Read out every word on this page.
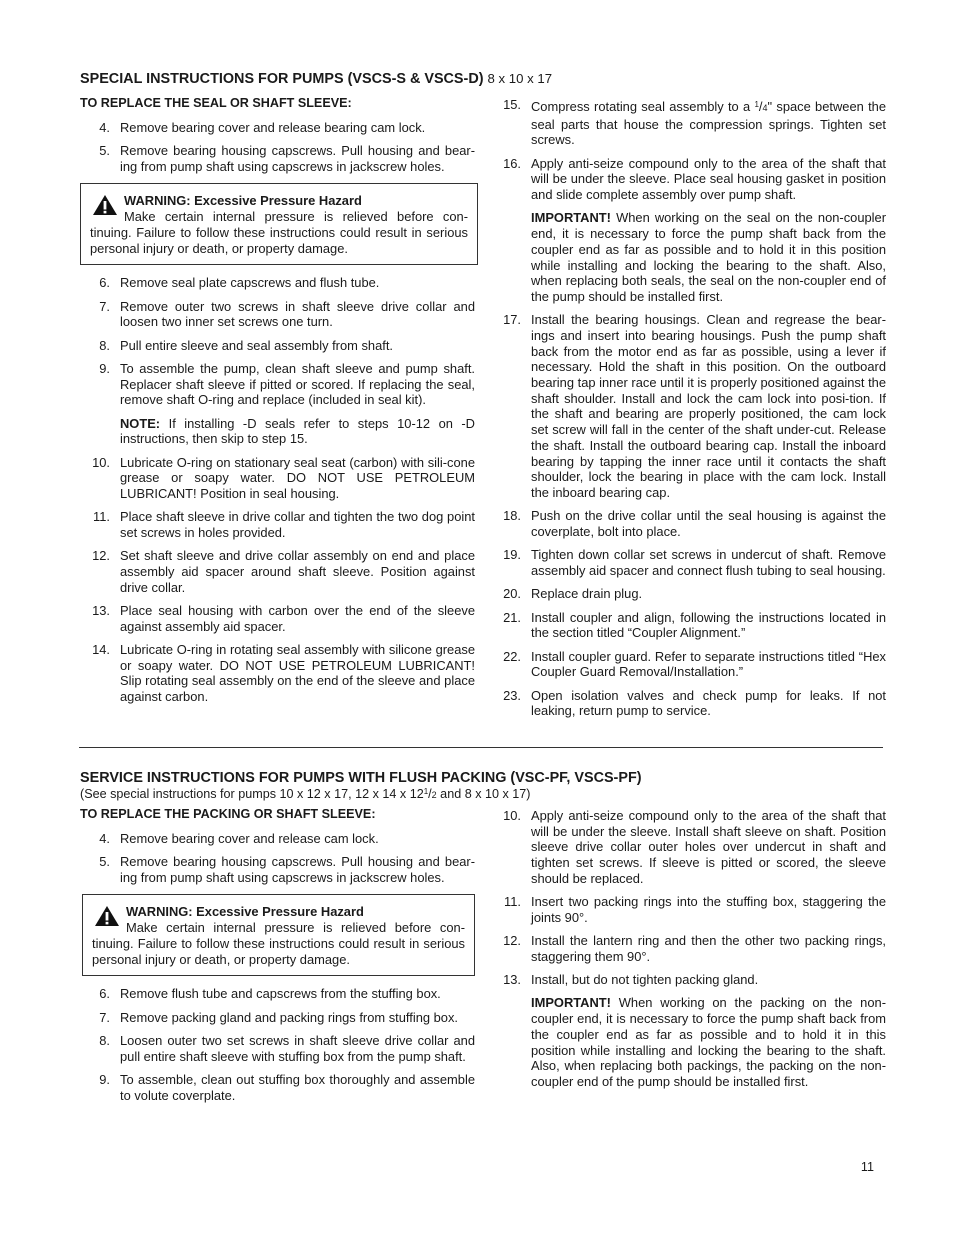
SPECIAL INSTRUCTIONS FOR PUMPS (VSCS-S & VSCS-D) 8 x 10 x 17

TO REPLACE THE SEAL OR SHAFT SLEEVE:

4. Remove bearing cover and release bearing cam lock.
5. Remove bearing housing capscrews. Pull housing and bear-ing from pump shaft using capscrews in jackscrew holes.
WARNING: Excessive Pressure Hazard
Make certain internal pressure is relieved before con-tinuing. Failure to follow these instructions could result in serious personal injury or death, or property damage.
6. Remove seal plate capscrews and flush tube.
7. Remove outer two screws in shaft sleeve drive collar and loosen two inner set screws one turn.
8. Pull entire sleeve and seal assembly from shaft.
9. To assemble the pump, clean shaft sleeve and pump shaft. Replacer shaft sleeve if pitted or scored. If replacing the seal, remove shaft O-ring and replace (included in seal kit).

NOTE: If installing -D seals refer to steps 10-12 on -D instructions, then skip to step 15.

10. Lubricate O-ring on stationary seal seat (carbon) with sili-cone grease or soapy water. DO NOT USE PETROLEUM LUBRICANT! Position in seal housing.
11. Place shaft sleeve in drive collar and tighten the two dog point set screws in holes provided.
12. Set shaft sleeve and drive collar assembly on end and place assembly aid spacer around shaft sleeve. Position against drive collar.
13. Place seal housing with carbon over the end of the sleeve against assembly aid spacer.
14. Lubricate O-ring in rotating seal assembly with silicone grease or soapy water. DO NOT USE PETROLEUM LUBRICANT! Slip rotating seal assembly on the end of the sleeve and place against carbon.
15. Compress rotating seal assembly to a $^1$/4" space between the seal parts that house the compression springs. Tighten set screws.
16. Apply anti-seize compound only to the area of the shaft that will be under the sleeve. Place seal housing gasket in position and slide complete assembly over pump shaft.

IMPORTANT! When working on the seal on the non-coupler end, it is necessary to force the pump shaft back from the coupler end as far as possible and to hold it in this position while installing and locking the bearing to the shaft. Also, when replacing both seals, the seal on the non-coupler end of the pump should be installed first.

17. Install the bearing housings. Clean and regrease the bear-ings and insert into bearing housings. Push the pump shaft back from the motor end as far as possible, using a lever if necessary. Hold the shaft in this position. On the outboard bearing tap inner race until it is properly positioned against the shaft shoulder. Install and lock the cam lock into posi-tion. If the shaft and bearing are properly positioned, the cam lock set screw will fall in the center of the shaft under-cut. Release the shaft. Install the outboard bearing cap. Install the inboard bearing by tapping the inner race until it contacts the shaft shoulder, lock the bearing in place with the cam lock. Install the inboard bearing cap.
18. Push on the drive collar until the seal housing is against the coverplate, bolt into place.
19. Tighten down collar set screws in undercut of shaft. Remove assembly aid spacer and connect flush tubing to seal housing.
20. Replace drain plug.
21. Install coupler and align, following the instructions located in the section titled “Coupler Alignment.”
22. Install coupler guard. Refer to separate instructions titled “Hex Coupler Guard Removal/Installation.”
23. Open isolation valves and check pump for leaks. If not leaking, return pump to service.
SERVICE INSTRUCTIONS FOR PUMPS WITH FLUSH PACKING (VSC-PF, VSCS-PF)
(See special instructions for pumps 10 x 12 x 17, 12 x 14 x $12^1/2$ and 8 x 10 x 17)

TO REPLACE THE PACKING OR SHAFT SLEEVE:

4. Remove bearing cover and release cam lock.
5. Remove bearing housing capscrews. Pull housing and bear-ing from pump shaft using capscrews in jackscrew holes.
WARNING: Excessive Pressure Hazard
Make certain internal pressure is relieved before con-tinuing. Failure to follow these instructions could result in serious personal injury or death, or property damage.
6. Remove flush tube and capscrews from the stuffing box.
7. Remove packing gland and packing rings from stuffing box.
8. Loosen outer two set screws in shaft sleeve drive collar and pull entire shaft sleeve with stuffing box from the pump shaft.
9. To assemble, clean out stuffing box thoroughly and assemble to volute coverplate.
10. Apply anti-seize compound only to the area of the shaft that will be under the sleeve. Install shaft sleeve on shaft. Position sleeve drive collar outer holes over undercut in shaft and tighten set screws. If sleeve is pitted or scored, the sleeve should be replaced.
11. Insert two packing rings into the stuffing box, staggering the joints 90°.
12. Install the lantern ring and then the other two packing rings, staggering them 90°.
13. Install, but do not tighten packing gland.

IMPORTANT! When working on the packing on the non-coupler end, it is necessary to force the pump shaft back from the coupler end as far as possible and to hold it in this position while installing and locking the bearing to the shaft. Also, when replacing both packings, the packing on the non-coupler end of the pump should be installed first.

11
